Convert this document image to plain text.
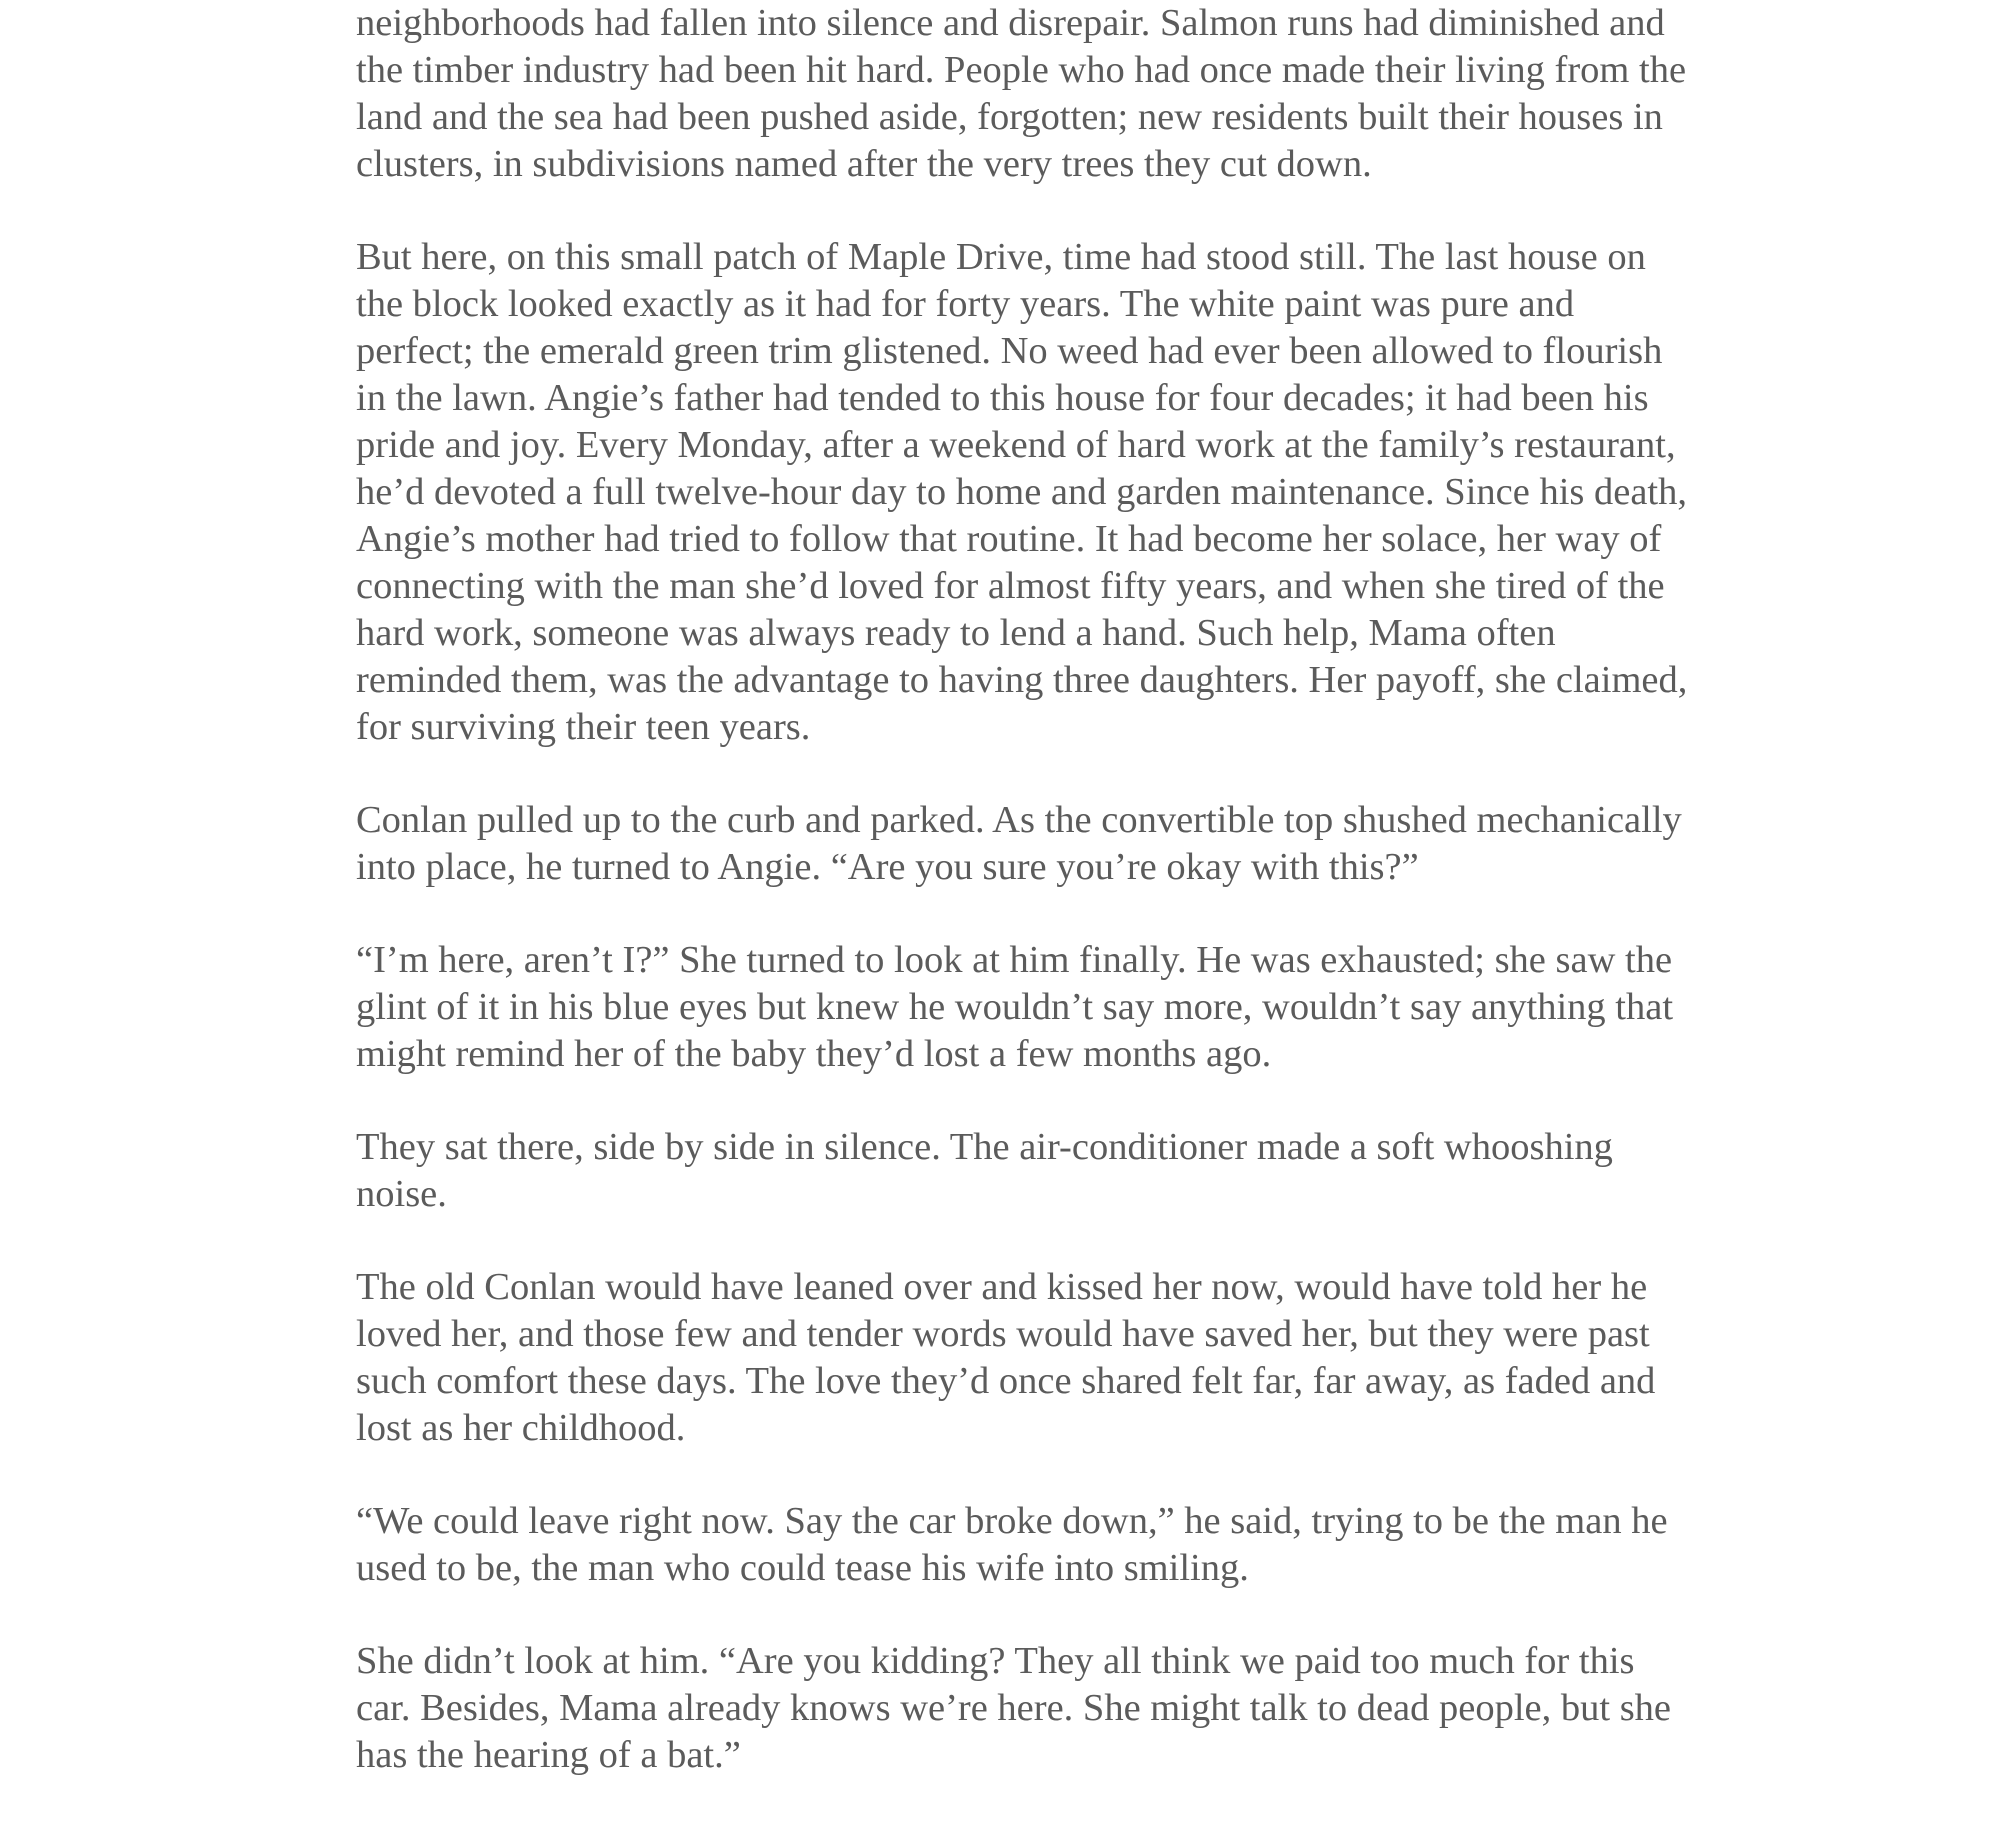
neighborhoods had fallen into silence and disrepair. Salmon runs had diminished and
the timber industry had been hit hard. People who had once made their living from the
land and the sea had been pushed aside, forgotten; new residents built their houses in
clusters, in subdivisions named after the very trees they cut down.

But here, on this small patch of Maple Drive, time had stood still. The last house on
the block looked exactly as it had for forty years. The white paint was pure and
perfect; the emerald green trim glistened. No weed had ever been allowed to flourish
in the lawn. Angie’s father had tended to this house for four decades; it had been his
pride and joy. Every Monday, after a weekend of hard work at the family’s restaurant,
he’d devoted a full twelve-hour day to home and garden maintenance. Since his death,
Angie’s mother had tried to follow that routine. It had become her solace, her way of
connecting with the man she’d loved for almost fifty years, and when she tired of the
hard work, someone was always ready to lend a hand. Such help, Mama often
reminded them, was the advantage to having three daughters. Her payoff, she claimed,
for surviving their teen years.

Conlan pulled up to the curb and parked. As the convertible top shushed mechanically
into place, he turned to Angie. “Are you sure you’re okay with this?”

“I’m here, aren’t I?” She turned to look at him finally. He was exhausted; she saw the
glint of it in his blue eyes but knew he wouldn’t say more, wouldn’t say anything that
might remind her of the baby they’d lost a few months ago.

They sat there, side by side in silence. The air-conditioner made a soft whooshing
noise.

The old Conlan would have leaned over and kissed her now, would have told her he
loved her, and those few and tender words would have saved her, but they were past
such comfort these days. The love they’d once shared felt far, far away, as faded and
lost as her childhood.

“We could leave right now. Say the car broke down,” he said, trying to be the man he
used to be, the man who could tease his wife into smiling.

She didn’t look at him. “Are you kidding? They all think we paid too much for this
car. Besides, Mama already knows we’re here. She might talk to dead people, but she
has the hearing of a bat.”
